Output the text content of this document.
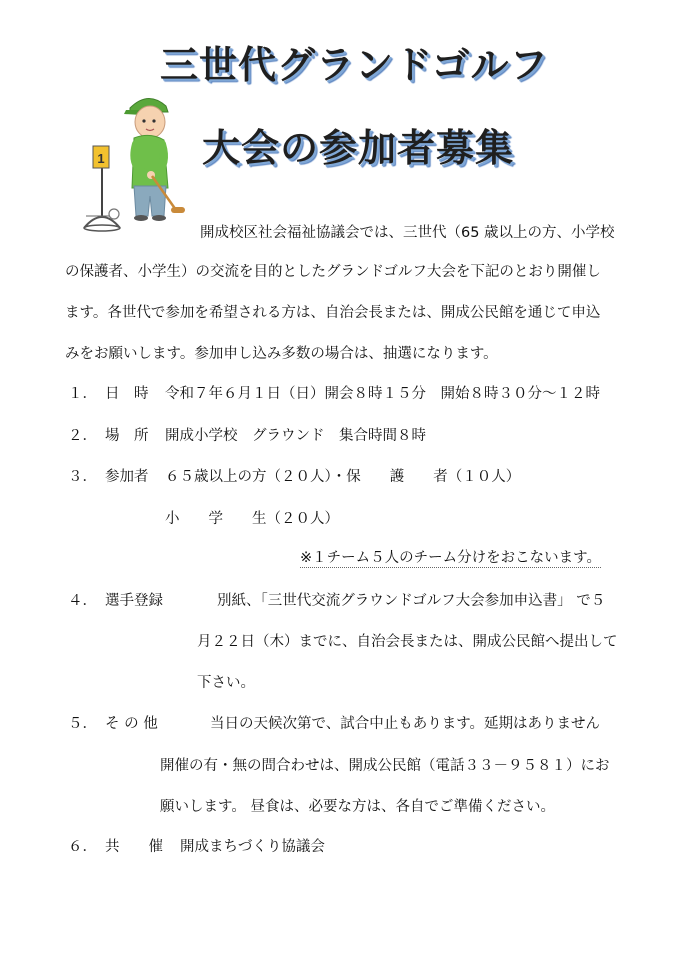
三世代グランドゴルフ
大会の参加者募集
1
開成校区社会福祉協議会では、三世代（65 歳以上の方、小学校
の保護者、小学生）の交流を目的としたグランドゴルフ大会を下記のとおり開催し
ます。各世代で参加を希望される方は、自治会長または、開成公民館を通じて申込
みをお願いします。参加申し込み多数の場合は、抽選になります。
１． 日　時 令和７年６月１日（日）開会８時１５分　開始８時３０分～１２時
２． 場　所 開成小学校　グラウンド　集合時間８時
３． 参加者 ６５歳以上の方（２０人）・保　　護　　者（１０人）
小　　学　　生（２０人）
※１チーム５人のチーム分けをおこないます。
４． 選手登録	別紙、｢三世代交流グラウンドゴルフ大会参加申込書」 で５
月２２日（木）までに、自治会長または、開成公民館へ提出して
下さい。
５． そ の 他	当日の天候次第で、試合中止もあります。延期はありません
開催の有・無の問合わせは、開成公民館（電話３３－９５８１）にお
願いします。 昼食は、必要な方は、各自でご準備ください。
６． 共　　催 開成まちづくり協議会
